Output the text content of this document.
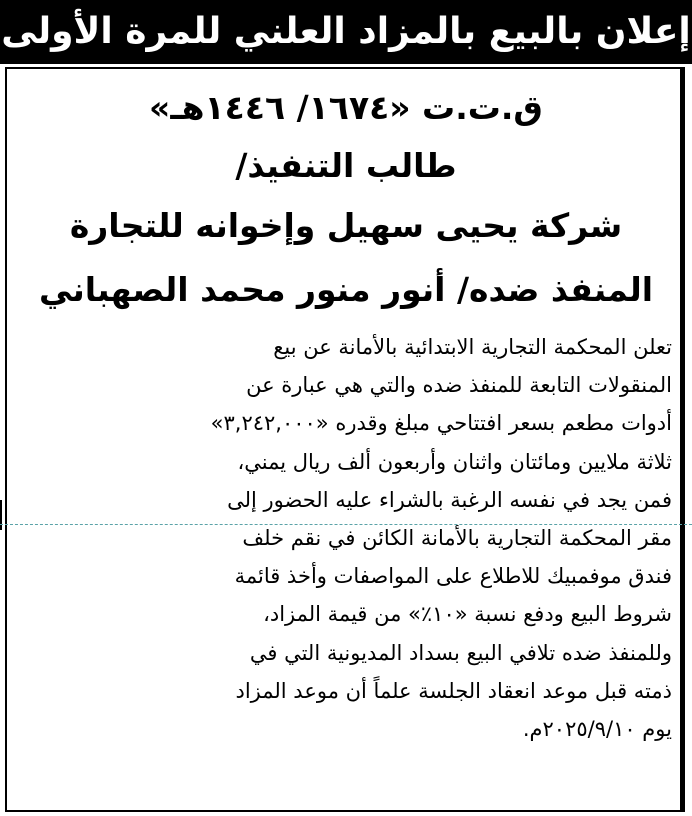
إعلان بالبيع بالمزاد العلني للمرة الأولى
ق.ت.ت «١٦٧٤/ ١٤٤٦هـ»
طالب التنفيذ/
شركة يحيى سهيل وإخوانه للتجارة
المنفذ ضده/ أنور منور محمد الصهباني
تعلن المحكمة التجارية الابتدائية بالأمانة عن بيع
المنقولات التابعة للمنفذ ضده والتي هي عبارة عن
أدوات مطعم بسعر افتتاحي مبلغ وقدره «٣,٢٤٢,٠٠٠»
ثلاثة ملايين ومائتان واثنان وأربعون ألف ريال يمني،
فمن يجد في نفسه الرغبة بالشراء عليه الحضور إلى
مقر المحكمة التجارية بالأمانة الكائن في نقم خلف
فندق موفمبيك للاطلاع على المواصفات وأخذ قائمة
شروط البيع ودفع نسبة «١٠٪» من قيمة المزاد،
وللمنفذ ضده تلافي البيع بسداد المديونية التي في
ذمته قبل موعد انعقاد الجلسة علماً أن موعد المزاد
يوم ٢٠٢٥/٩/١٠م.
